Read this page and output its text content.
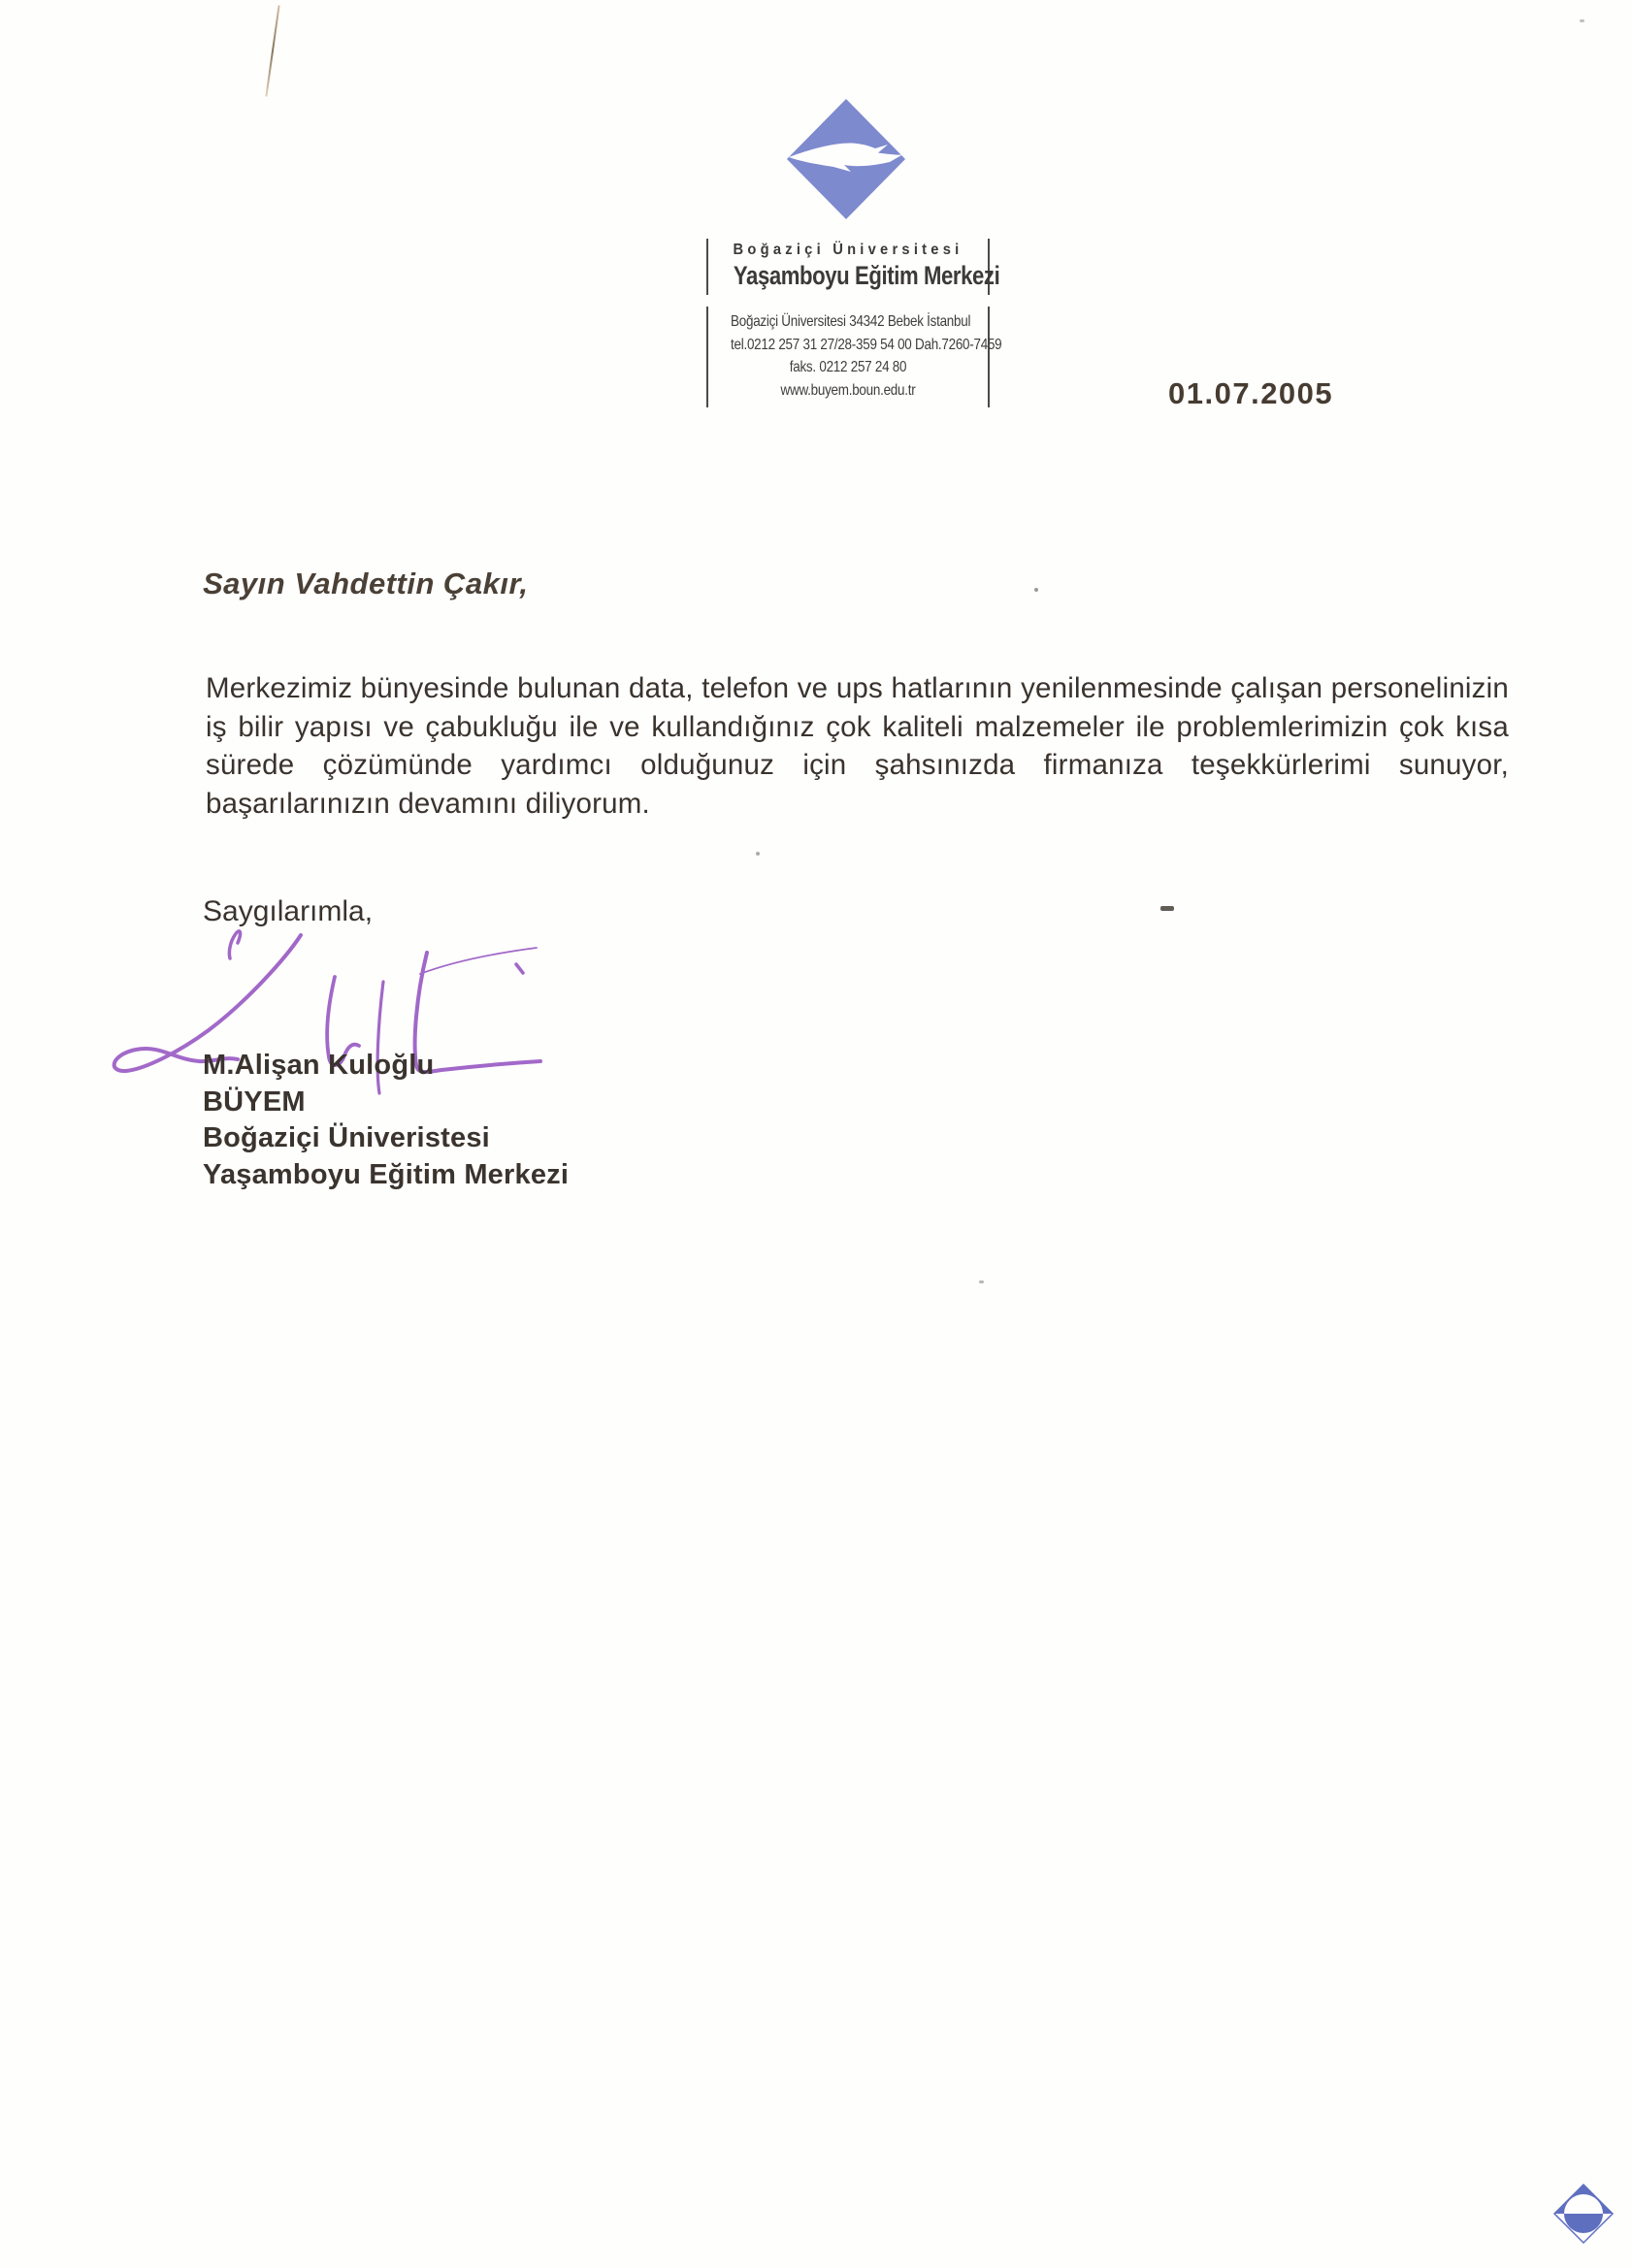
Boğaziçi Üniversitesi
Yaşamboyu Eğitim Merkezi
Boğaziçi Üniversitesi 34342 Bebek İstanbul
tel.0212 257 31 27/28-359 54 00 Dah.7260-7459
faks. 0212 257 24 80
www.buyem.boun.edu.tr	01.07.2005
Sayın Vahdettin Çakır,
Merkezimiz bünyesinde bulunan data, telefon ve ups hatlarının yenilenmesinde çalışan personelinizin iş bilir yapısı ve çabukluğu ile ve kullandığınız çok kaliteli malzemeler ile problemlerimizin çok kısa sürede çözümünde yardımcı olduğunuz için şahsınızda firmanıza teşekkürlerimi sunuyor, başarılarınızın devamını diliyorum.
Saygılarımla,
M.Alişan Kuloğlu
BÜYEM
Boğaziçi Üniveristesi
Yaşamboyu Eğitim Merkezi
